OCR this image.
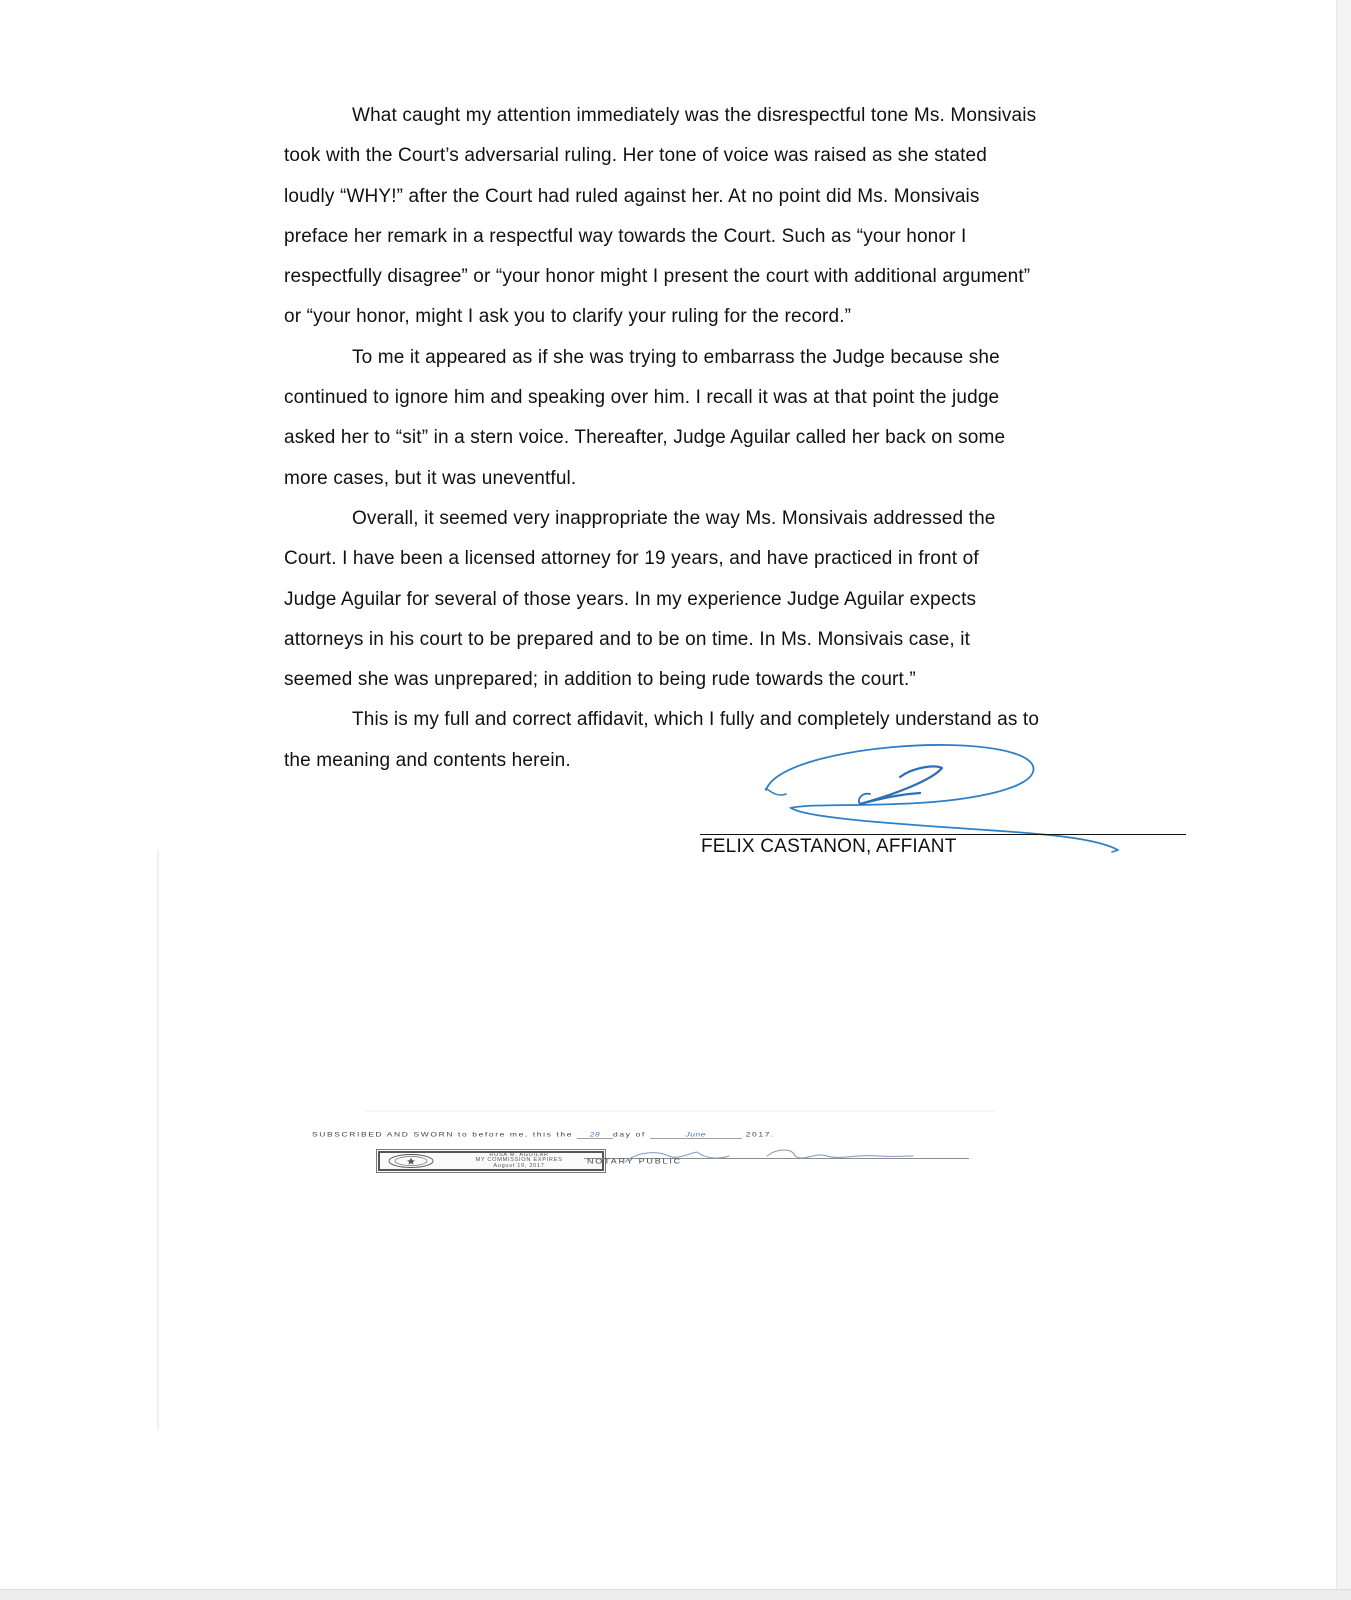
What caught my attention immediately was the disrespectful tone Ms. Monsivais
took with the Court’s adversarial ruling. Her tone of voice was raised as she stated
loudly “WHY!” after the Court had ruled against her. At no point did Ms. Monsivais
preface her remark in a respectful way towards the Court. Such as “your honor I
respectfully disagree” or “your honor might I present the court with additional argument”
or “your honor, might I ask you to clarify your ruling for the record.”

To me it appeared as if she was trying to embarrass the Judge because she
continued to ignore him and speaking over him. I recall it was at that point the judge
asked her to “sit” in a stern voice. Thereafter, Judge Aguilar called her back on some
more cases, but it was uneventful.

Overall, it seemed very inappropriate the way Ms. Monsivais addressed the
Court. I have been a licensed attorney for 19 years, and have practiced in front of
Judge Aguilar for several of those years. In my experience Judge Aguilar expects
attorneys in his court to be prepared and to be on time. In Ms. Monsivais case, it
seemed she was unprepared; in addition to being rude towards the court.”

This is my full and correct affidavit, which I fully and completely understand as to
the meaning and contents herein.

FELIX CASTANON, AFFIANT

SUBSCRIBED AND SWORN to before me, this the 28 day of	June	2017.
ROSA M. AGUILAR
MY COMMISSION EXPIRES
August 19, 2017
NOTARY PUBLIC
